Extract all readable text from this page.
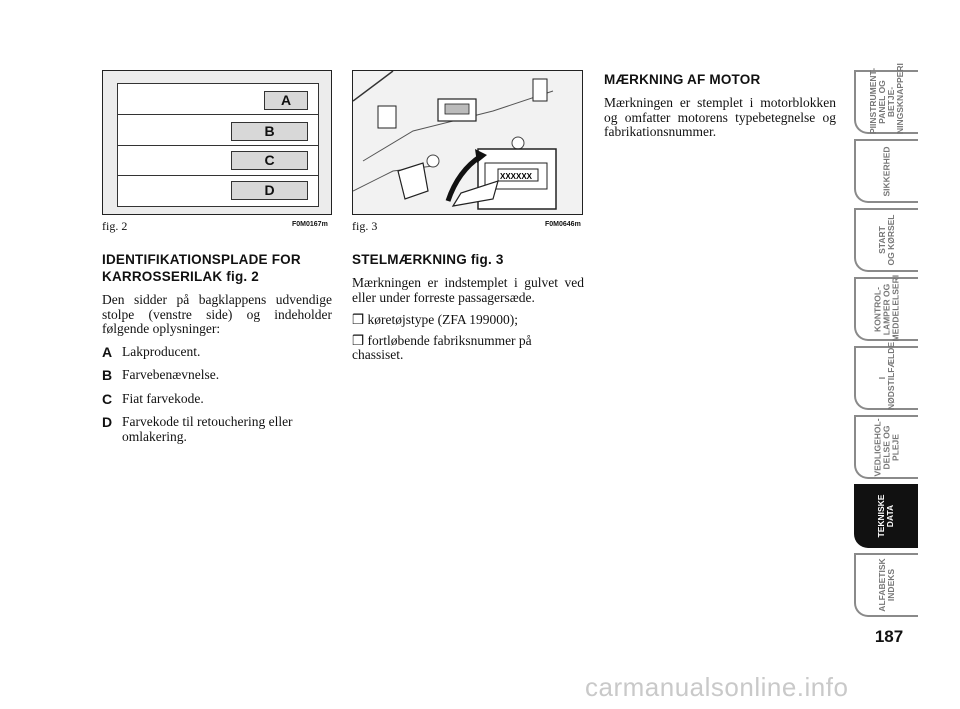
A
B
C
D
fig. 2	F0M0167m
XXXXXX
fig. 3	F0M0646m
IDENTIFIKATIONSPLADE FOR KARROSSERILAK fig. 2

Den sidder på bagklappens udvendige stolpe (venstre side) og indeholder følgende oplysninger:

A Lakproducent.
B Farvebenævnelse.
C Fiat farvekode.
D Farvekode til retouchering eller omlakering.
STELMÆRKNING fig. 3

Mærkningen er indstemplet i gulvet ved eller under forreste passagersæde.

❒ køretøjstype (ZFA 199000);
❒ fortløbende fabriksnummer på chassiset.
MÆRKNING AF MOTOR

Mærkningen er stemplet i motorblokken og omfatter motorens typebetegnelse og fabrikationsnummer.	PIINSTRUMENT-
PANEL OG BETJE-
NINGSKNAPPERI
SIKKERHED
START
OG KØRSEL
KONTROL-
LAMPER OG
MEDDELELSERI
I
NØDSTILFÆLDE
VEDLIGEHOL-
DELSE OG
PLEJE
TEKNISKE
DATA
ALFABETISK
INDEKS
187
carmanualsonline.info
